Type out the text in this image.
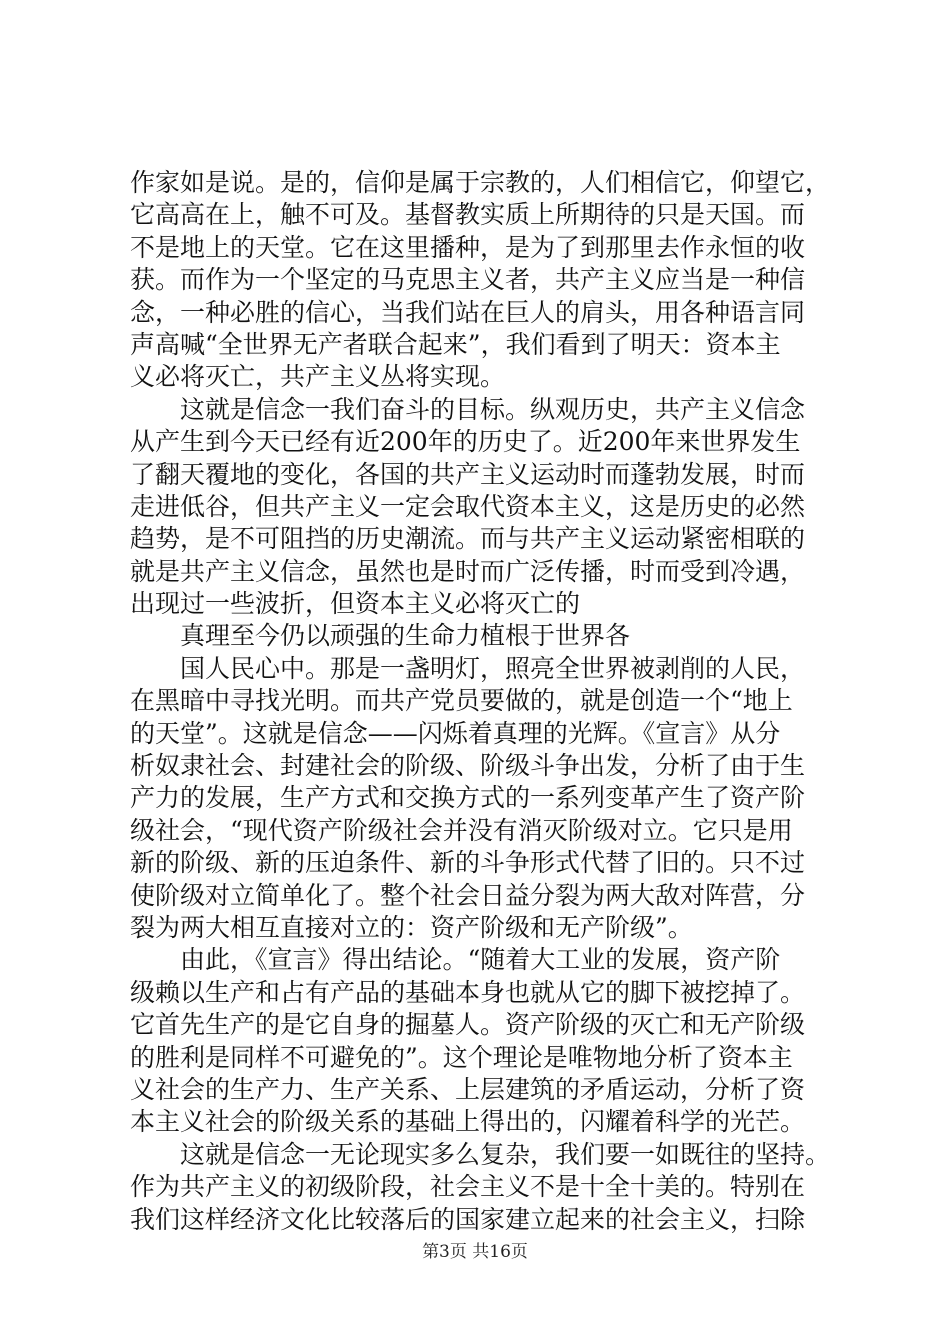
作家如是说。是的，信仰是属于宗教的，人们相信它，仰望它，
它高高在上，触不可及。基督教实质上所期待的只是天国。而
不是地上的天堂。它在这里播种，是为了到那里去作永恒的收
获。而作为一个坚定的马克思主义者，共产主义应当是一种信
念，一种必胜的信心，当我们站在巨人的肩头，用各种语言同
声高喊“全世界无产者联合起来”，我们看到了明天：资本主
义必将灭亡，共产主义丛将实现。
这就是信念一我们奋斗的目标。纵观历史，共产主义信念
从产生到今天已经有近200年的历史了。近200年来世界发生
了翻天覆地的变化，各国的共产主义运动时而蓬勃发展，时而
走进低谷，但共产主义一定会取代资本主义，这是历史的必然
趋势，是不可阻挡的历史潮流。而与共产主义运动紧密相联的
就是共产主义信念，虽然也是时而广泛传播，时而受到冷遇，
出现过一些波折，但资本主义必将灭亡的
真理至今仍以顽强的生命力植根于世界各
国人民心中。那是一盏明灯，照亮全世界被剥削的人民，
在黑暗中寻找光明。而共产党员要做的，就是创造一个“地上
的天堂”。这就是信念——闪烁着真理的光辉。《宣言》从分
析奴隶社会、封建社会的阶级、阶级斗争出发，分析了由于生
产力的发展，生产方式和交换方式的一系列变革产生了资产阶
级社会，“现代资产阶级社会并没有消灭阶级对立。它只是用
新的阶级、新的压迫条件、新的斗争形式代替了旧的。只不过
使阶级对立简单化了。整个社会日益分裂为两大敌对阵营，分
裂为两大相互直接对立的：资产阶级和无产阶级”。
由此，《宣言》得出结论。“随着大工业的发展，资产阶
级赖以生产和占有产品的基础本身也就从它的脚下被挖掉了。
它首先生产的是它自身的掘墓人。资产阶级的灭亡和无产阶级
的胜利是同样不可避免的”。这个理论是唯物地分析了资本主
义社会的生产力、生产关系、上层建筑的矛盾运动，分析了资
本主义社会的阶级关系的基础上得出的，闪耀着科学的光芒。
这就是信念一无论现实多么复杂，我们要一如既往的坚持。
作为共产主义的初级阶段，社会主义不是十全十美的。特别在
我们这样经济文化比较落后的国家建立起来的社会主义，扫除
第3页 共16页
